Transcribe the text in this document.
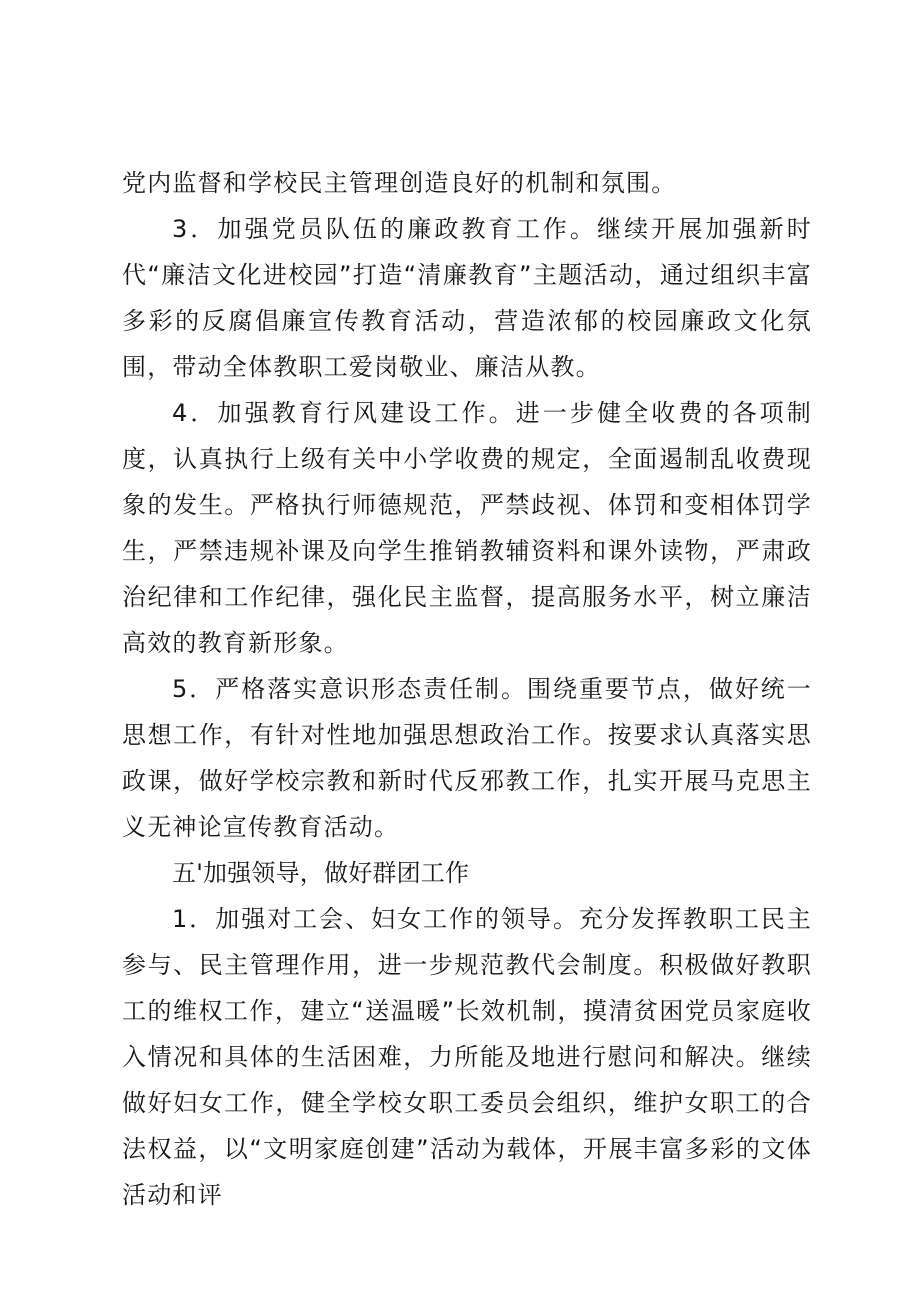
党内监督和学校民主管理创造良好的机制和氛围。

3．加强党员队伍的廉政教育工作。继续开展加强新时代“廉洁文化进校园”打造“清廉教育”主题活动，通过组织丰富多彩的反腐倡廉宣传教育活动，营造浓郁的校园廉政文化氛围，带动全体教职工爱岗敬业、廉洁从教。

4．加强教育行风建设工作。进一步健全收费的各项制度，认真执行上级有关中小学收费的规定，全面遏制乱收费现象的发生。严格执行师德规范，严禁歧视、体罚和变相体罚学生，严禁违规补课及向学生推销教辅资料和课外读物，严肃政治纪律和工作纪律，强化民主监督，提高服务水平，树立廉洁高效的教育新形象。

5．严格落实意识形态责任制。围绕重要节点，做好统一思想工作，有针对性地加强思想政治工作。按要求认真落实思政课，做好学校宗教和新时代反邪教工作，扎实开展马克思主义无神论宣传教育活动。

五'加强领导，做好群团工作

1．加强对工会、妇女工作的领导。充分发挥教职工民主参与、民主管理作用，进一步规范教代会制度。积极做好教职工的维权工作，建立“送温暖”长效机制，摸清贫困党员家庭收入情况和具体的生活困难，力所能及地进行慰问和解决。继续做好妇女工作，健全学校女职工委员会组织，维护女职工的合法权益，以“文明家庭创建”活动为载体，开展丰富多彩的文体活动和评
